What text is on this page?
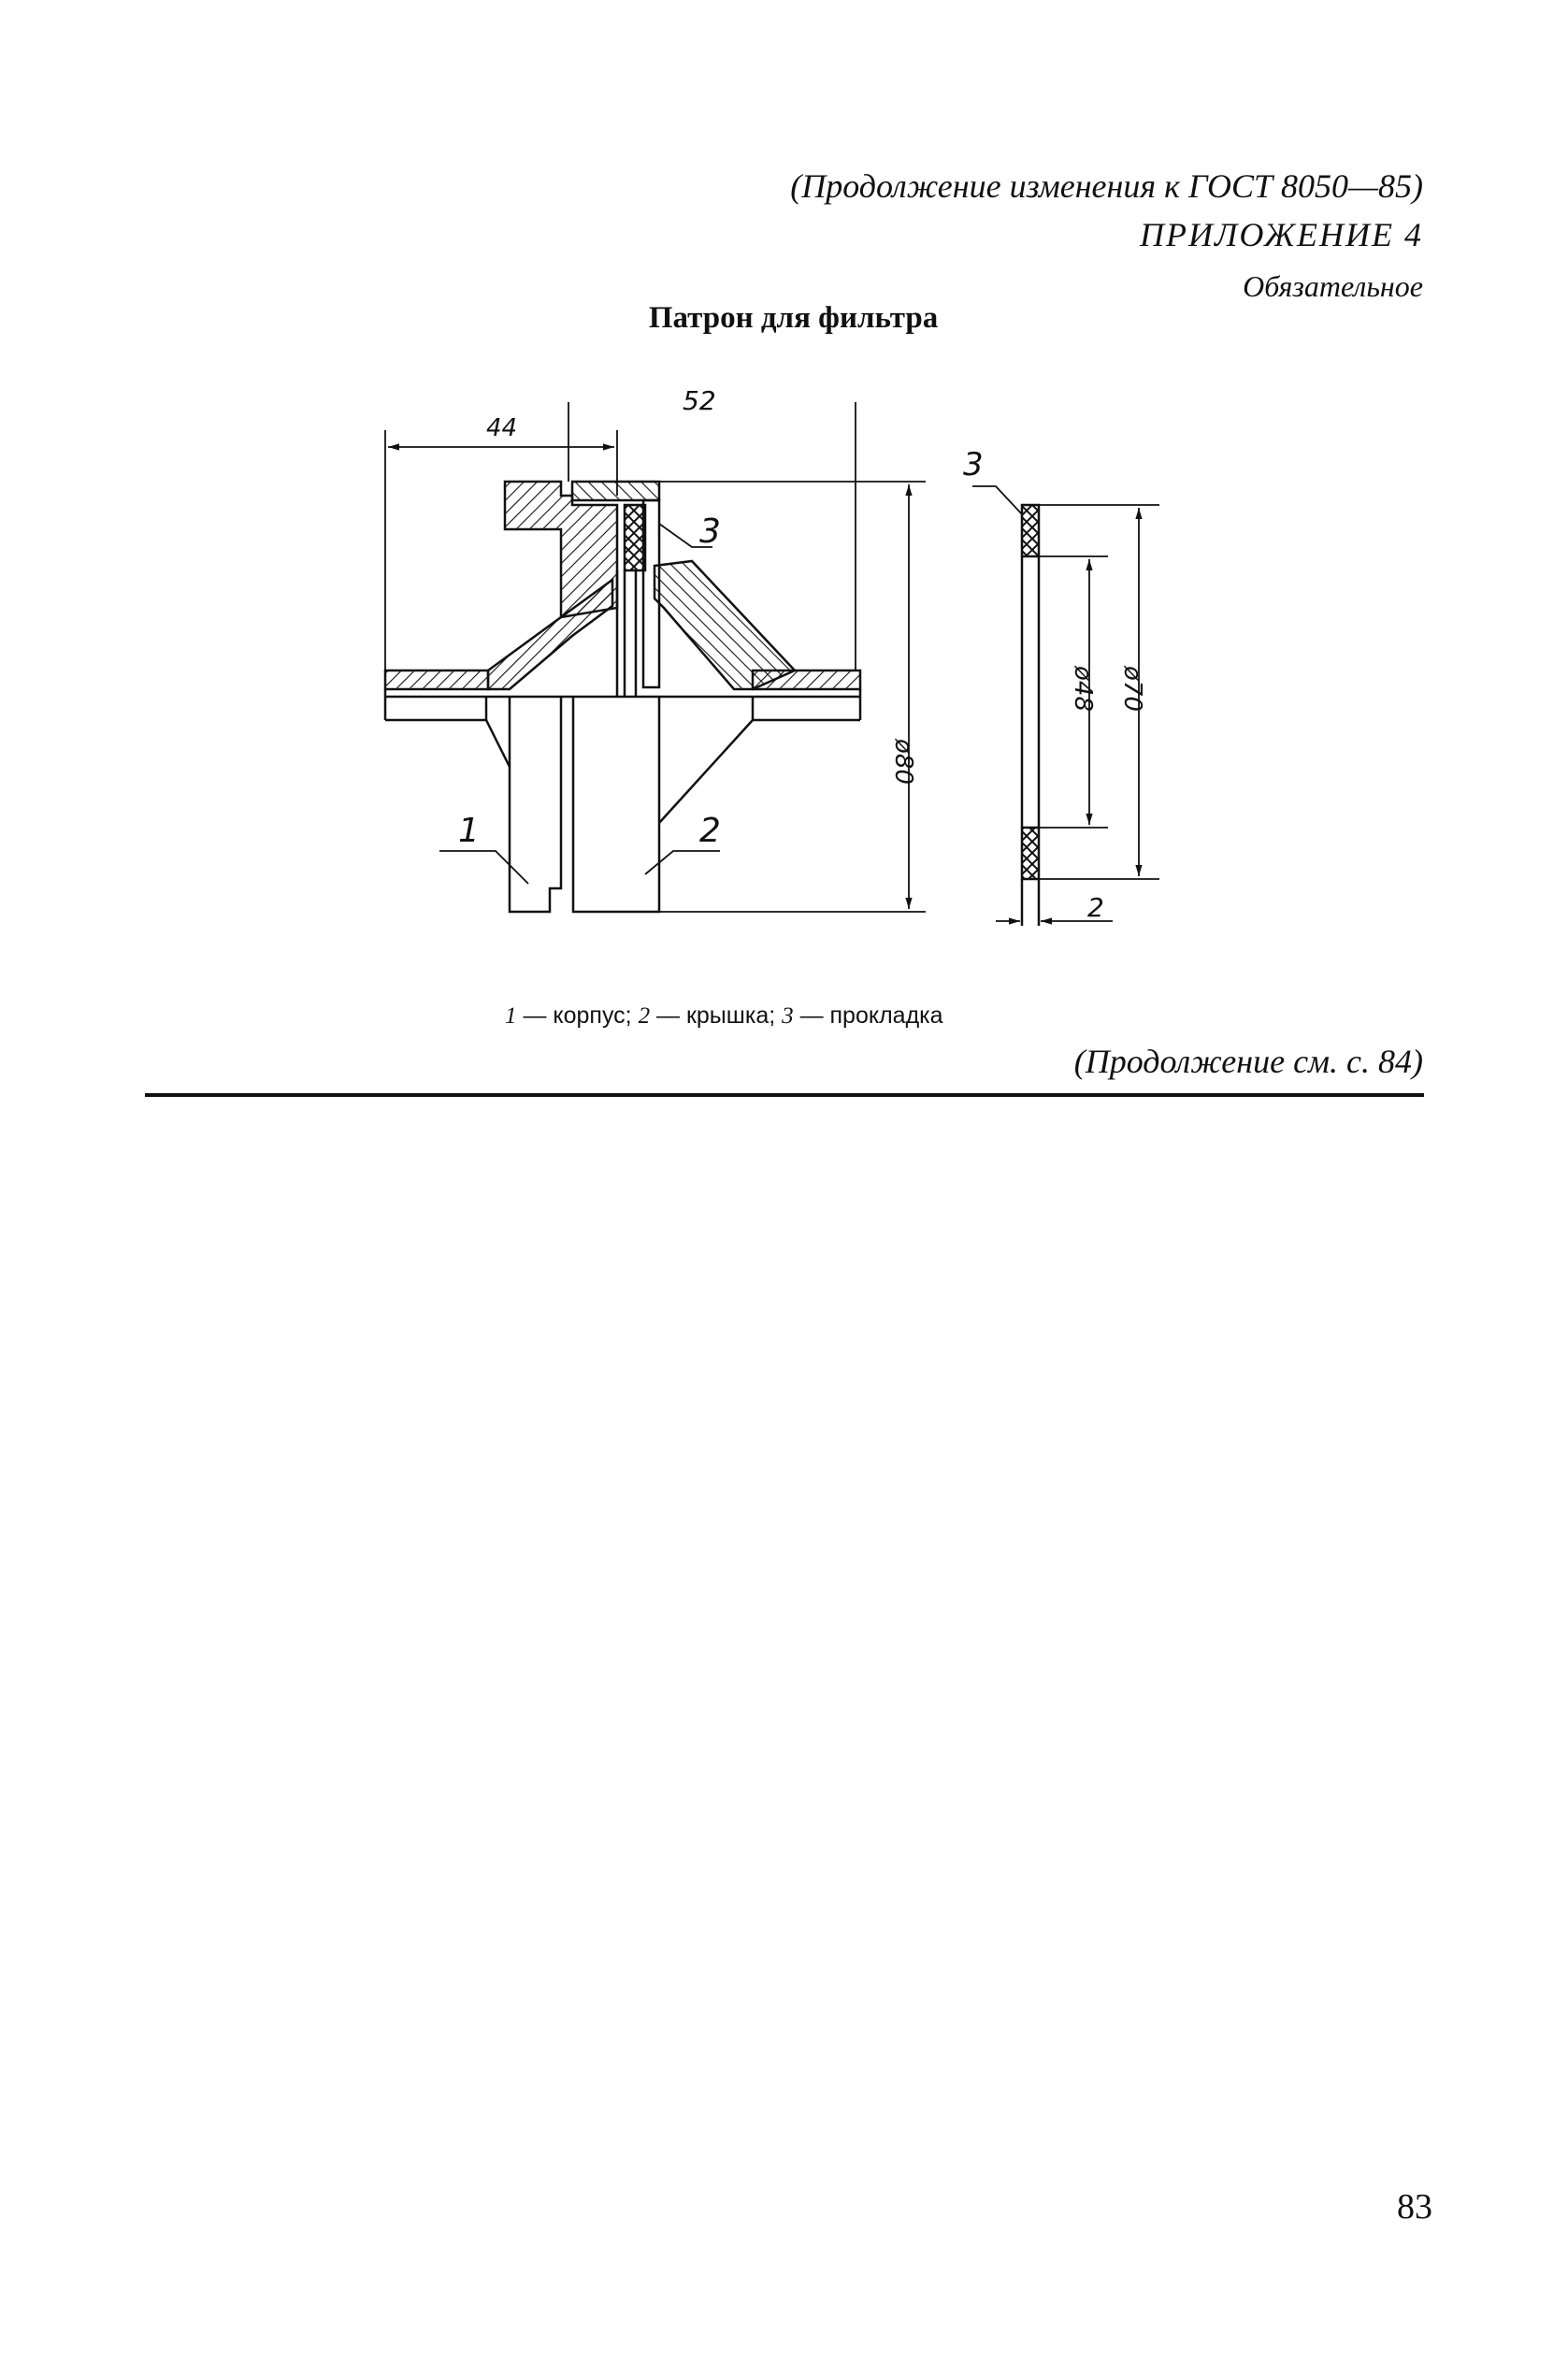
(Продолжение изменения к ГОСТ 8050—85)
ПРИЛОЖЕНИЕ 4
Обязательное
Патрон для фильтра
44
52
ø80
ø48 ø70
2
1	2
3
3
1 — корпус; 2 — крышка; 3 — прокладка
(Продолжение см. с. 84)
83
